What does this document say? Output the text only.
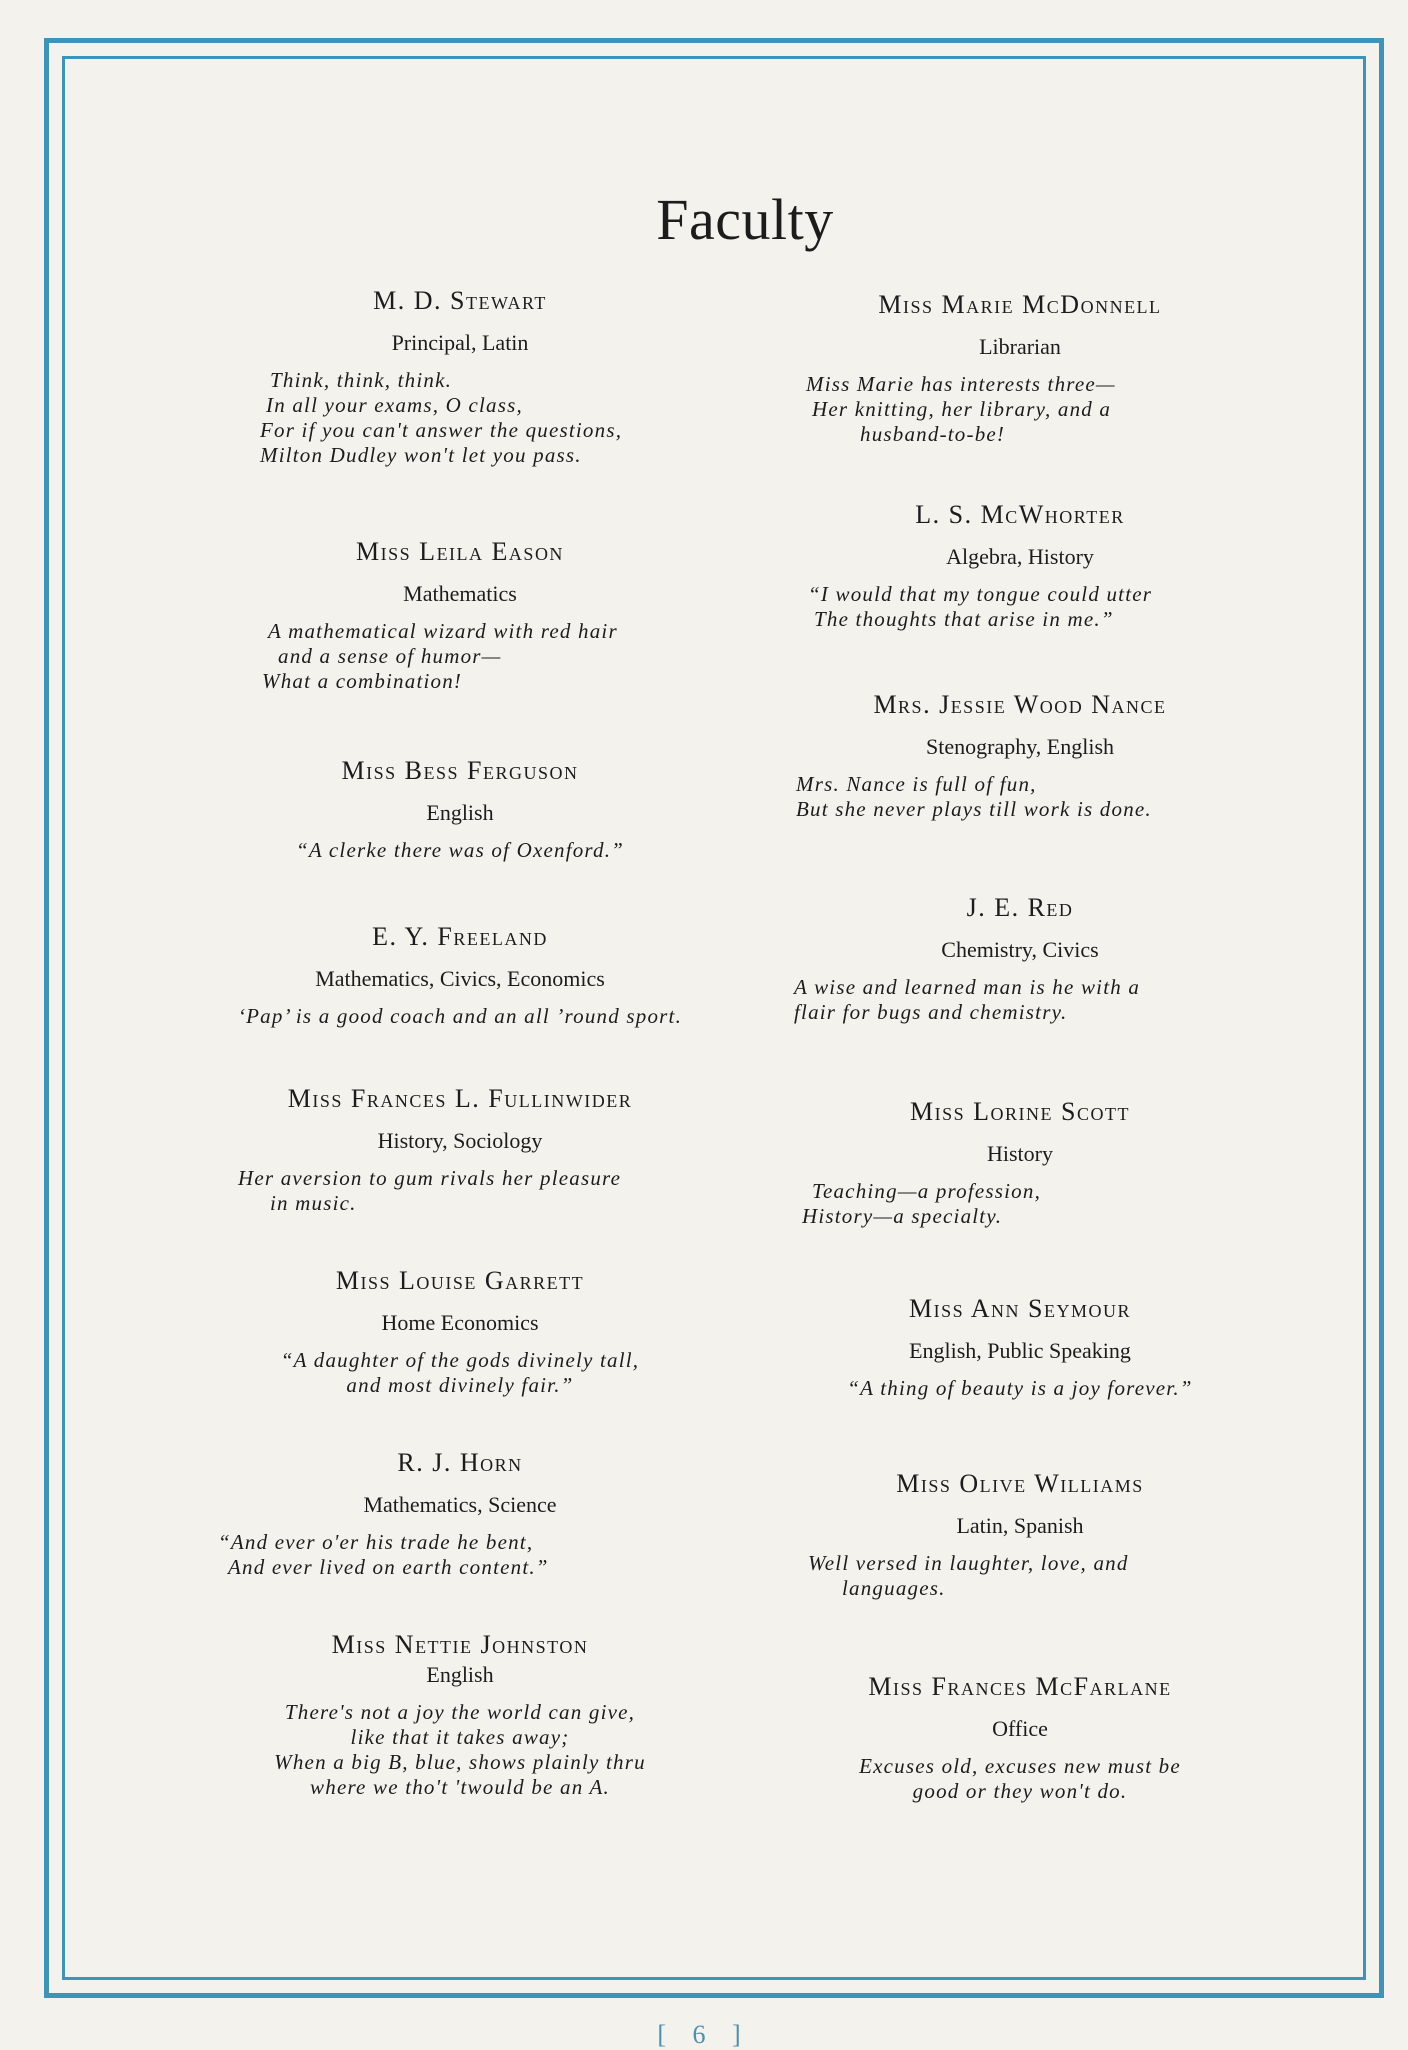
Faculty
M. D. Stewart
Principal, Latin
Think, think, think.
In all your exams, O class,
For if you can't answer the questions,
Milton Dudley won't let you pass.
Miss Leila Eason
Mathematics
A mathematical wizard with red hair
and a sense of humor—
What a combination!
Miss Bess Ferguson
English
“A clerke there was of Oxenford.”
E. Y. Freeland
Mathematics, Civics, Economics
‘Pap’ is a good coach and an all ’round sport.
Miss Frances L. Fullinwider
History, Sociology
Her aversion to gum rivals her pleasure
in music.
Miss Louise Garrett
Home Economics
“A daughter of the gods divinely tall,
and most divinely fair.”
R. J. Horn
Mathematics, Science
“And ever o'er his trade he bent,
And ever lived on earth content.”
Miss Nettie Johnston
English
There's not a joy the world can give,
like that it takes away;
When a big B, blue, shows plainly thru
where we tho't 'twould be an A.
Miss Marie McDonnell
Librarian
Miss Marie has interests three—
Her knitting, her library, and a
husband-to-be!
L. S. McWhorter
Algebra, History
“I would that my tongue could utter
The thoughts that arise in me.”
Mrs. Jessie Wood Nance
Stenography, English
Mrs. Nance is full of fun,
But she never plays till work is done.
J. E. Red
Chemistry, Civics
A wise and learned man is he with a
flair for bugs and chemistry.
Miss Lorine Scott
History
Teaching—a profession,
History—a specialty.
Miss Ann Seymour
English, Public Speaking
“A thing of beauty is a joy forever.”
Miss Olive Williams
Latin, Spanish
Well versed in laughter, love, and
languages.
Miss Frances McFarlane
Office
Excuses old, excuses new must be
good or they won't do.
[ 6 ]
